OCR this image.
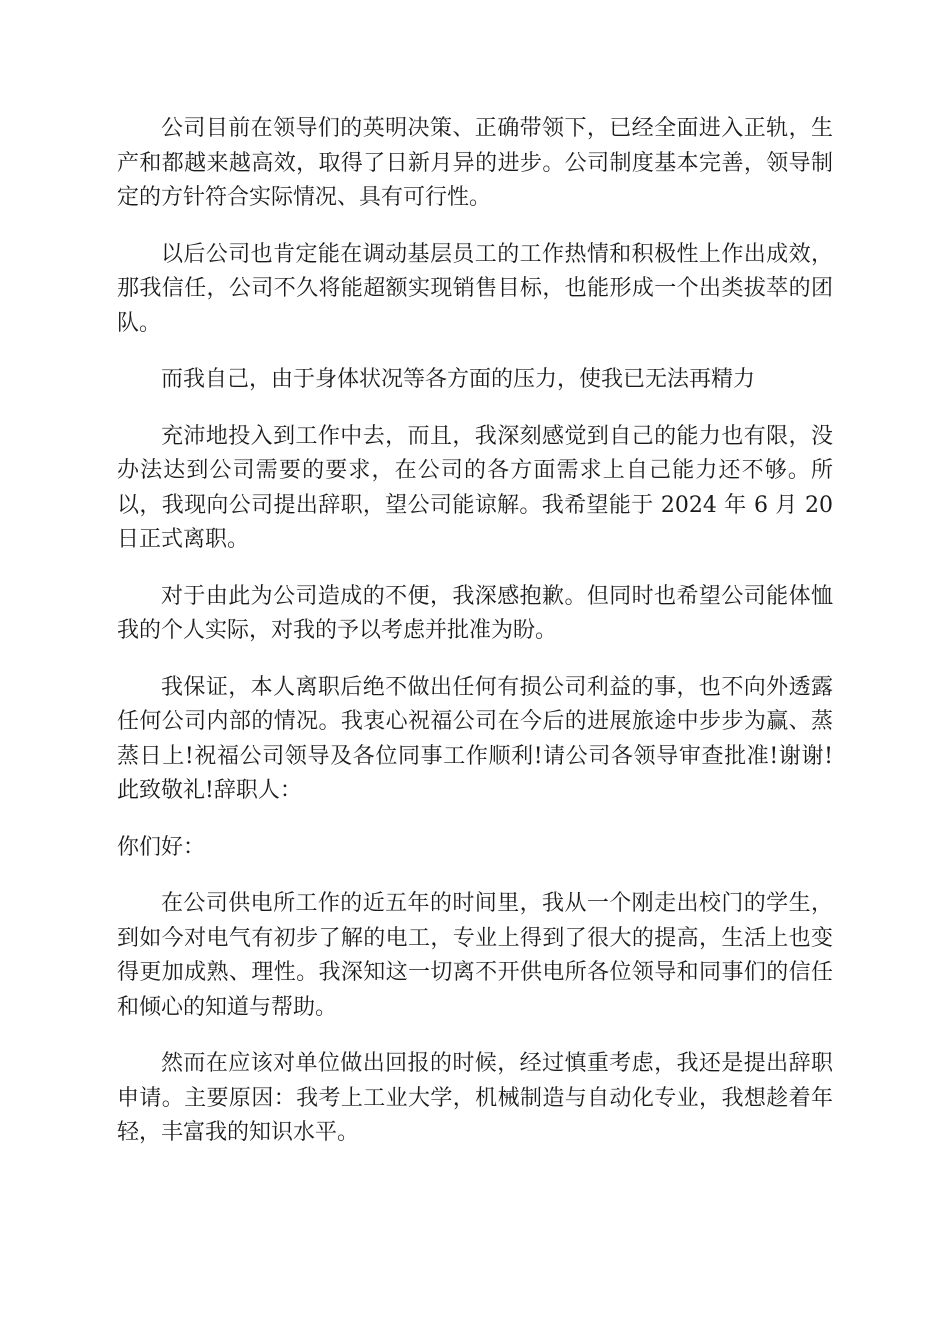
公司目前在领导们的英明决策、正确带领下，已经全面进入正轨，生产和都越来越高效，取得了日新月异的进步。公司制度基本完善，领导制定的方针符合实际情况、具有可行性。

以后公司也肯定能在调动基层员工的工作热情和积极性上作出成效，那我信任，公司不久将能超额实现销售目标，也能形成一个出类拔萃的团队。

而我自己，由于身体状况等各方面的压力，使我已无法再精力

充沛地投入到工作中去，而且，我深刻感觉到自己的能力也有限，没办法达到公司需要的要求，在公司的各方面需求上自己能力还不够。所以，我现向公司提出辞职，望公司能谅解。我希望能于 2024 年 6 月 20 日正式离职。

对于由此为公司造成的不便，我深感抱歉。但同时也希望公司能体恤我的个人实际，对我的予以考虑并批准为盼。

我保证，本人离职后绝不做出任何有损公司利益的事，也不向外透露任何公司内部的情况。我衷心祝福公司在今后的进展旅途中步步为赢、蒸蒸日上!祝福公司领导及各位同事工作顺利!请公司各领导审查批准!谢谢!此致敬礼!辞职人：

你们好：

在公司供电所工作的近五年的时间里，我从一个刚走出校门的学生，到如今对电气有初步了解的电工，专业上得到了很大的提高，生活上也变得更加成熟、理性。我深知这一切离不开供电所各位领导和同事们的信任和倾心的知道与帮助。

然而在应该对单位做出回报的时候，经过慎重考虑，我还是提出辞职申请。主要原因：我考上工业大学，机械制造与自动化专业，我想趁着年轻，丰富我的知识水平。
